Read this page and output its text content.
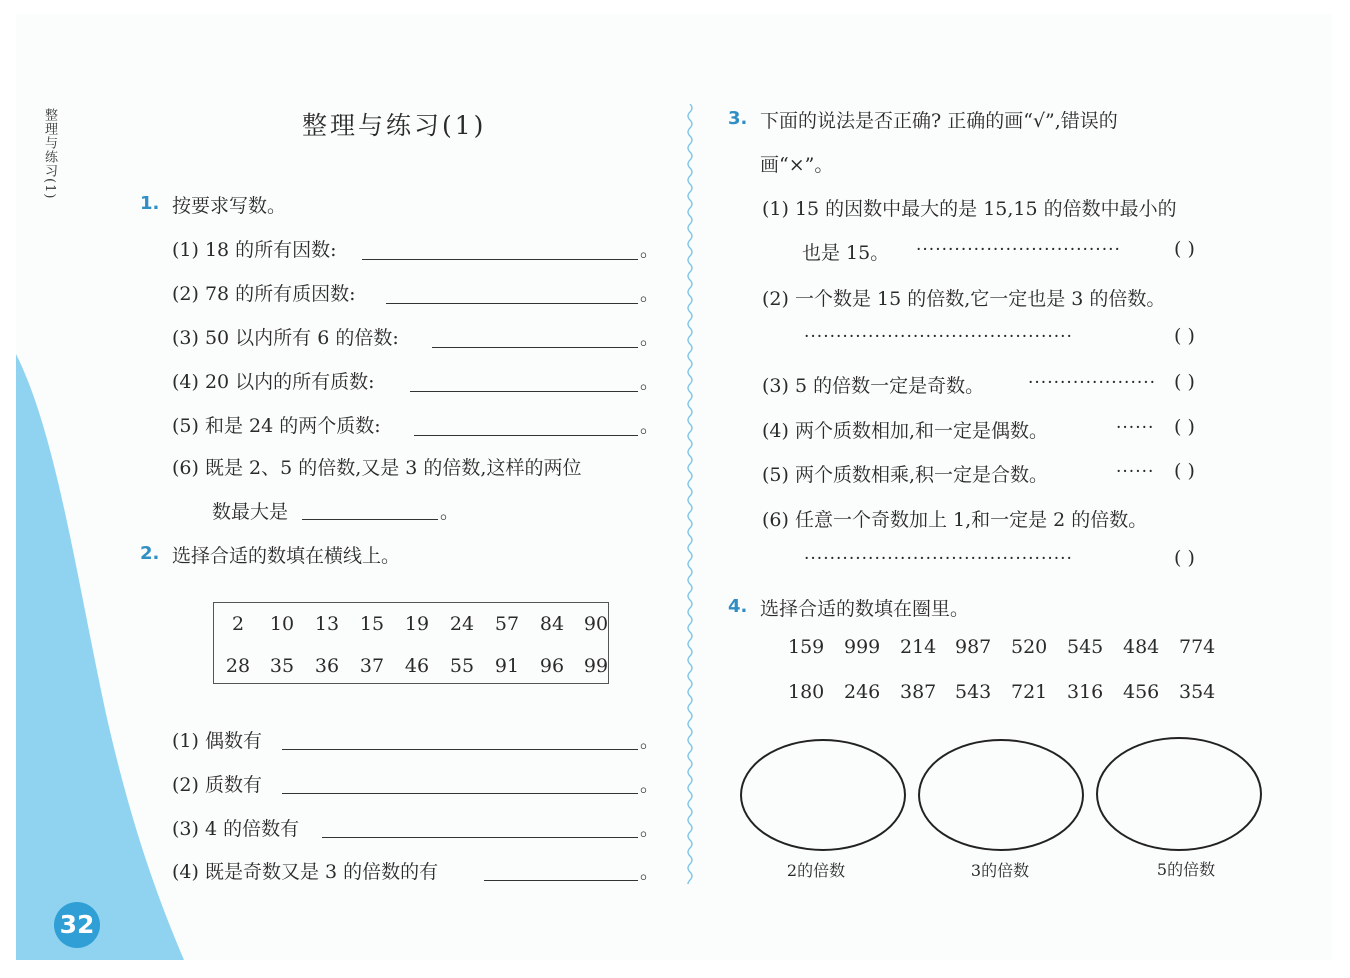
整理与练习(1)
32
整理与练习(1)
1. 按要求写数。
(1) 18 的所有因数:	。
(2) 78 的所有质因数:	。
(3) 50 以内所有 6 的倍数:	。
(4) 20 以内的所有质数:	。
(5) 和是 24 的两个质数:	。
(6) 既是 2、5 的倍数,又是 3 的倍数,这样的两位
数最大是	。
2. 选择合适的数填在横线上。
2	10	13	15	19	24	57	84	90
28	35	36	37	46	55	91	96	99
(1) 偶数有	。
(2) 质数有	。
(3) 4 的倍数有	。
(4) 既是奇数又是 3 的倍数的有	。
3. 下面的说法是否正确? 正确的画“√”,错误的
画“×”。
(1) 15 的因数中最大的是 15,15 的倍数中最小的
也是 15。 ································	( )
(2) 一个数是 15 的倍数,它一定也是 3 的倍数。
··········································	( )
(3) 5 的倍数一定是奇数。	···················· ( )
(4) 两个质数相加,和一定是偶数。	······ ( )
(5) 两个质数相乘,积一定是合数。	······ ( )
(6) 任意一个奇数加上 1,和一定是 2 的倍数。
··········································	( )
4. 选择合适的数填在圈里。
159 999 214 987 520 545 484 774
180 246 387 543 721 316 456 354
2的倍数	3的倍数	5的倍数
